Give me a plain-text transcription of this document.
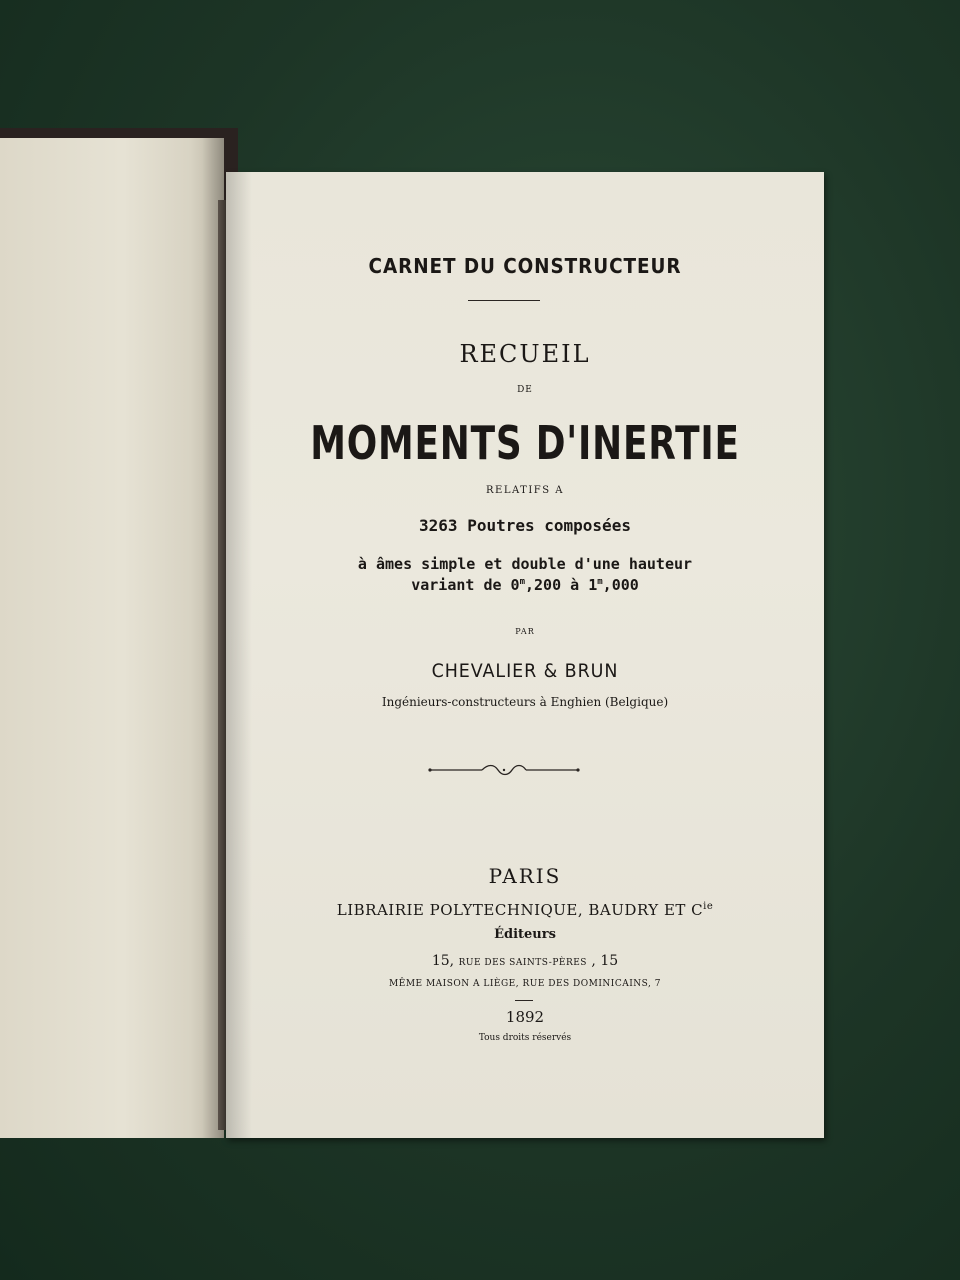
CARNET DU CONSTRUCTEUR
RECUEIL
DE
MOMENTS D'INERTIE
RELATIFS A
3263 Poutres composées
à âmes simple et double d'une hauteur
variant de 0$^m$,200 à 1$^m$,000
PAR
CHEVALIER & BRUN
Ingénieurs-constructeurs à Enghien (Belgique)
PARIS
LIBRAIRIE POLYTECHNIQUE, BAUDRY ET $C^{ie}$
Éditeurs
15, RUE DES SAINTS-PÈRES , 15
MÊME MAISON A LIÈGE, RUE DES DOMINICAINS, 7
1892
Tous droits réservés
